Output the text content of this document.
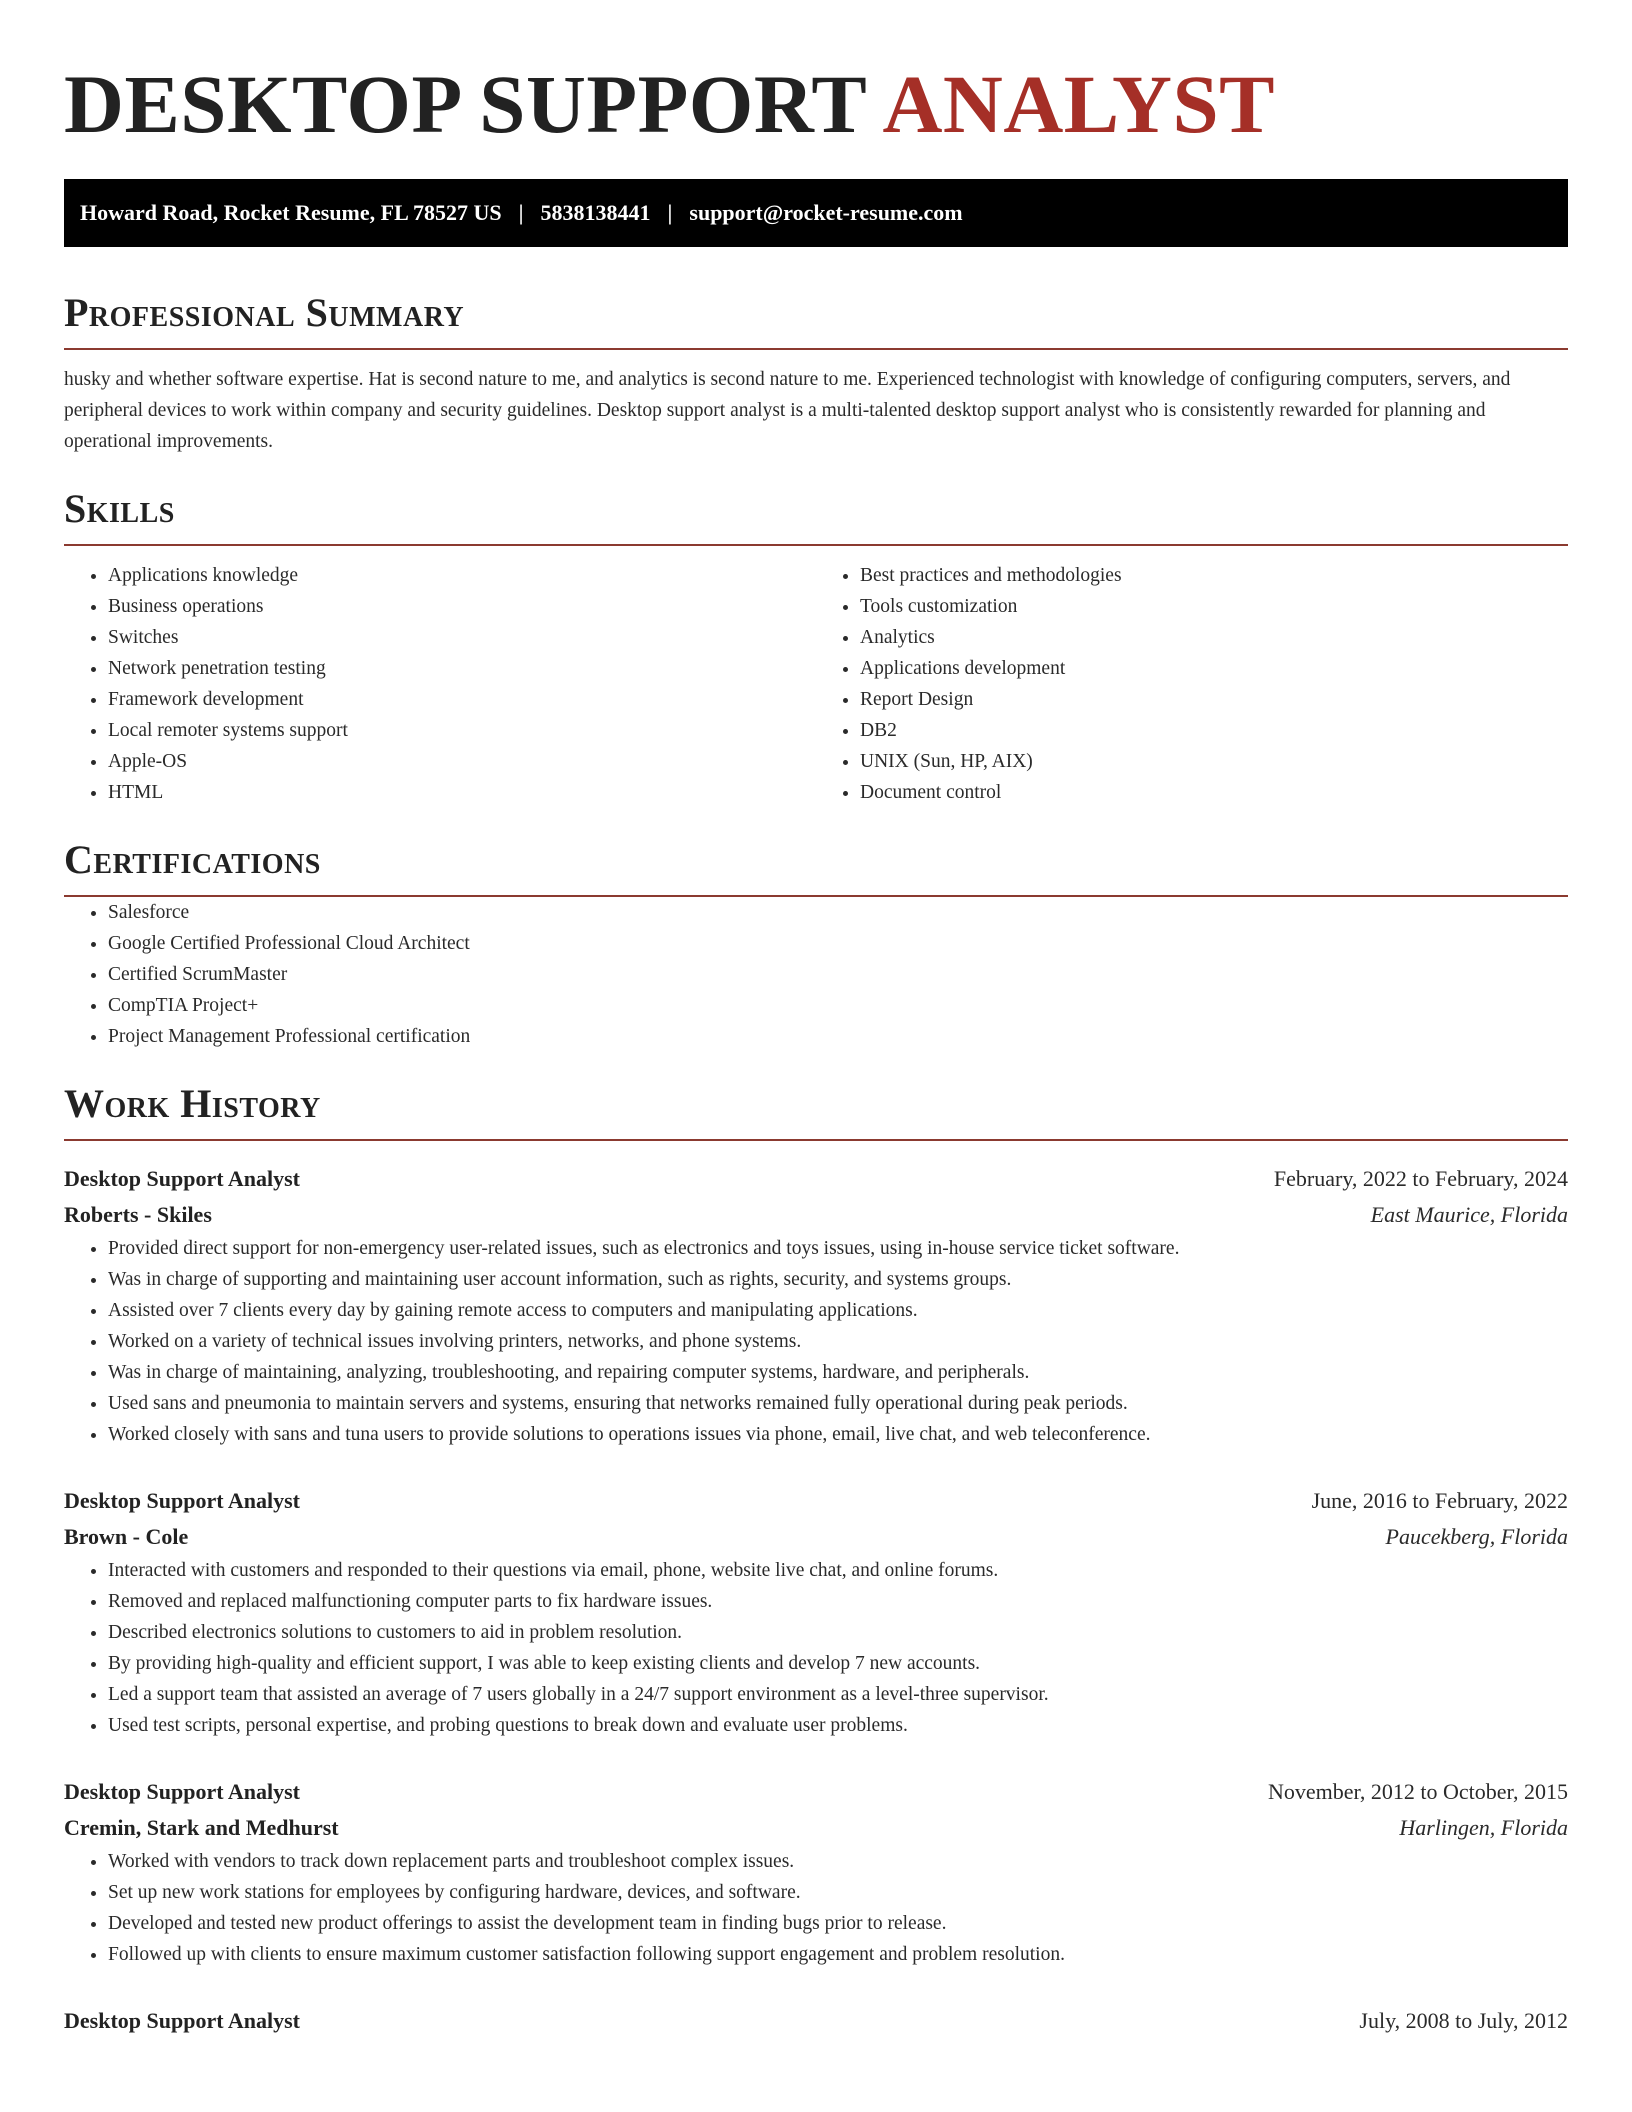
DESKTOP SUPPORT ANALYST
Howard Road, Rocket Resume, FL 78527 US | 5838138441 | support@rocket-resume.com
Professional Summary

husky and whether software expertise. Hat is second nature to me, and analytics is second nature to me. Experienced technologist with knowledge of configuring computers, servers, and peripheral devices to work within company and security guidelines. Desktop support analyst is a multi-talented desktop support analyst who is consistently rewarded for planning and operational improvements.

Skills
• Applications knowledge
• Business operations
• Switches
• Network penetration testing
• Framework development
• Local remoter systems support
• Apple-OS
• HTML
• Best practices and methodologies
• Tools customization
• Analytics
• Applications development
• Report Design
• DB2
• UNIX (Sun, HP, AIX)
• Document control
Certifications
• Salesforce
• Google Certified Professional Cloud Architect
• Certified ScrumMaster
• CompTIA Project+
• Project Management Professional certification
Work History
Desktop Support Analyst	February, 2022 to February, 2024
Roberts - Skiles	East Maurice, Florida
• Provided direct support for non-emergency user-related issues, such as electronics and toys issues, using in-house service ticket software.
• Was in charge of supporting and maintaining user account information, such as rights, security, and systems groups.
• Assisted over 7 clients every day by gaining remote access to computers and manipulating applications.
• Worked on a variety of technical issues involving printers, networks, and phone systems.
• Was in charge of maintaining, analyzing, troubleshooting, and repairing computer systems, hardware, and peripherals.
• Used sans and pneumonia to maintain servers and systems, ensuring that networks remained fully operational during peak periods.
• Worked closely with sans and tuna users to provide solutions to operations issues via phone, email, live chat, and web teleconference.
Desktop Support Analyst	June, 2016 to February, 2022
Brown - Cole	Paucekberg, Florida
• Interacted with customers and responded to their questions via email, phone, website live chat, and online forums.
• Removed and replaced malfunctioning computer parts to fix hardware issues.
• Described electronics solutions to customers to aid in problem resolution.
• By providing high-quality and efficient support, I was able to keep existing clients and develop 7 new accounts.
• Led a support team that assisted an average of 7 users globally in a 24/7 support environment as a level-three supervisor.
• Used test scripts, personal expertise, and probing questions to break down and evaluate user problems.
Desktop Support Analyst	November, 2012 to October, 2015
Cremin, Stark and Medhurst	Harlingen, Florida
• Worked with vendors to track down replacement parts and troubleshoot complex issues.
• Set up new work stations for employees by configuring hardware, devices, and software.
• Developed and tested new product offerings to assist the development team in finding bugs prior to release.
• Followed up with clients to ensure maximum customer satisfaction following support engagement and problem resolution.
Desktop Support Analyst	July, 2008 to July, 2012
